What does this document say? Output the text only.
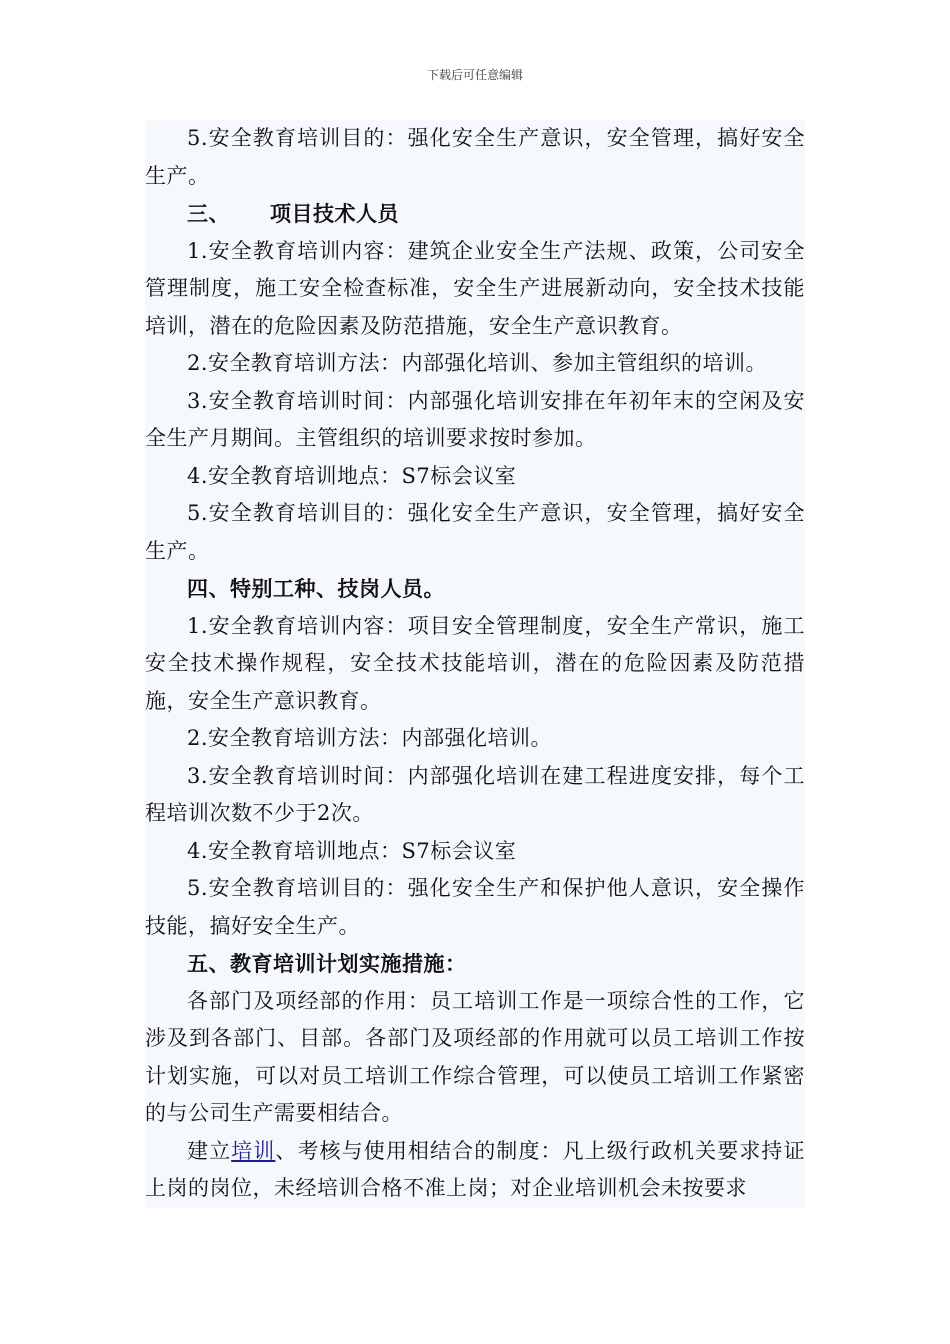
下载后可任意编辑

5.安全教育培训目的：强化安全生产意识，安全管理，搞好安全生产。

三、 项目技术人员

1.安全教育培训内容：建筑企业安全生产法规、政策，公司安全管理制度，施工安全检查标准，安全生产进展新动向，安全技术技能培训，潜在的危险因素及防范措施，安全生产意识教育。

2.安全教育培训方法：内部强化培训、参加主管组织的培训。

3.安全教育培训时间：内部强化培训安排在年初年末的空闲及安全生产月期间。主管组织的培训要求按时参加。

4.安全教育培训地点：S7标会议室

5.安全教育培训目的：强化安全生产意识，安全管理，搞好安全生产。

四、特别工种、技岗人员。

1.安全教育培训内容：项目安全管理制度，安全生产常识，施工安全技术操作规程，安全技术技能培训，潜在的危险因素及防范措施，安全生产意识教育。

2.安全教育培训方法：内部强化培训。

3.安全教育培训时间：内部强化培训在建工程进度安排，每个工程培训次数不少于2次。

4.安全教育培训地点：S7标会议室

5.安全教育培训目的：强化安全生产和保护他人意识，安全操作技能，搞好安全生产。

五、教育培训计划实施措施：

各部门及项经部的作用：员工培训工作是一项综合性的工作，它涉及到各部门、目部。各部门及项经部的作用就可以员工培训工作按计划实施，可以对员工培训工作综合管理，可以使员工培训工作紧密的与公司生产需要相结合。

建立培训、考核与使用相结合的制度：凡上级行政机关要求持证上岗的岗位，未经培训合格不准上岗；对企业培训机会未按要求
